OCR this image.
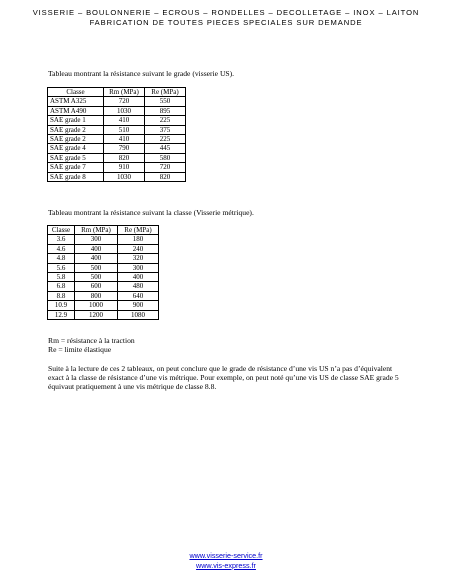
VISSERIE – BOULONNERIE – ECROUS – RONDELLES – DECOLLETAGE – INOX – LAITON
FABRICATION DE TOUTES PIECES SPECIALES SUR DEMANDE
Tableau montrant la résistance suivant le grade (visserie US).
Classe	Rm (MPa)	Re (MPa)
ASTM A325	720	550
ASTM A490	1030	895
SAE grade 1	410	225
SAE grade 2	510	375
SAE grade 2	410	225
SAE grade 4	790	445
SAE grade 5	820	580
SAE grade 7	910	720
SAE grade 8	1030	820
Tableau montrant la résistance suivant la classe (Visserie métrique).
Classe	Rm (MPa)	Re (MPa)
3.6	300	180
4.6	400	240
4.8	400	320
5.6	500	300
5.8	500	400
6.8	600	480
8.8	800	640
10.9	1000	900
12.9	1200	1080
Rm = résistance à la traction
Re = limite élastique
Suite à la lecture de ces 2 tableaux, on peut conclure que le grade de résistance d’une vis US n’a pas d’équivalent exact à la classe de résistance d’une vis métrique. Pour exemple, on peut noté qu’une vis US de classe SAE grade 5 équivaut pratiquement à une vis métrique de classe 8.8.
www.visserie-service.fr
www.vis-express.fr
